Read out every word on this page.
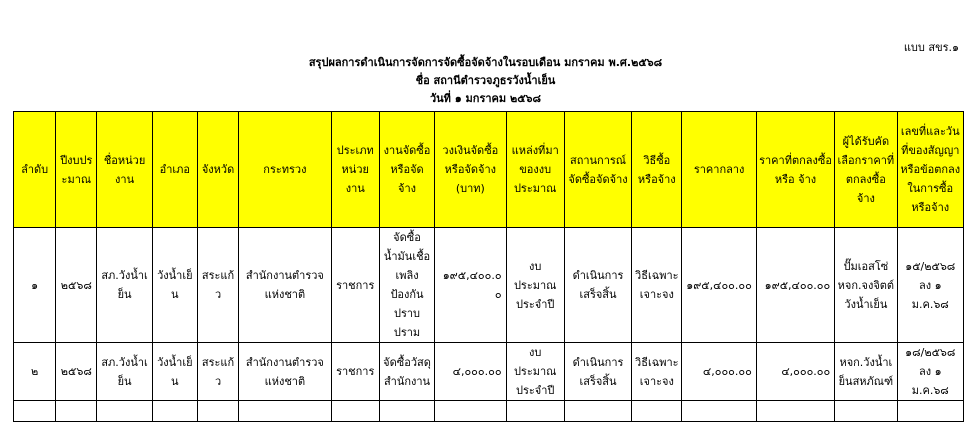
แบบ สขร.๑
สรุปผลการดำเนินการจัดการจัดซื้อจัดจ้างในรอบเดือน มกราคม พ.ศ.๒๕๖๘
ชื่อ สถานีตำรวจภูธรวังน้ำเย็น
วันที่ ๑ มกราคม ๒๕๖๘
ลำดับ	ปีงบประมาณ	ชื่อหน่วยงาน	อำเภอ	จังหวัด	กระทรวง	ประเภทหน่วยงาน	งานจัดซื้อหรือจัดจ้าง	วงเงินจัดซื้อหรือจัดจ้าง (บาท)	แหล่งที่มาของงบประมาณ	สถานการณ์จัดซื้อจัดจ้าง	วิธีซื้อหรือจ้าง	ราคากลาง	ราคาที่ตกลงซื้อหรือ จ้าง	ผู้ได้รับคัดเลือกราคาที่ตกลงซื้อจ้าง	เลขที่และวันที่ของสัญญาหรือข้อตกลงในการซื้อหรือจ้าง
๑	๒๕๖๘	สภ.วังน้ำเย็น	วังน้ำเย็น	สระแก้ว	สำนักงานตำรวจแห่งชาติ	ราชการ	จัดซื้อน้ำมันเชื้อเพลิงป้องกันปราบปราม	๑๙๕,๔๐๐.๐๐	งบประมาณประจำปี	ดำเนินการเสร็จสิ้น	วิธีเฉพาะเจาะจง	๑๙๕,๔๐๐.๐๐	๑๙๕,๔๐๐.๐๐	ปั๊มเอสโซ่ หจก.จงจิตต์วังน้ำเย็น	๑๕/๒๕๖๘ ลง ๑ ม.ค.๖๘
๒	๒๕๖๘	สภ.วังน้ำเย็น	วังน้ำเย็น	สระแก้ว	สำนักงานตำรวจแห่งชาติ	ราชการ	จัดซื้อวัสดุสำนักงาน	๔,๐๐๐.๐๐	งบประมาณประจำปี	ดำเนินการเสร็จสิ้น	วิธีเฉพาะเจาะจง	๔,๐๐๐.๐๐	๔,๐๐๐.๐๐	หจก.วังน้ำเย็นสหภัณฑ์	๑๘/๒๕๖๘ ลง ๑ ม.ค.๖๘
